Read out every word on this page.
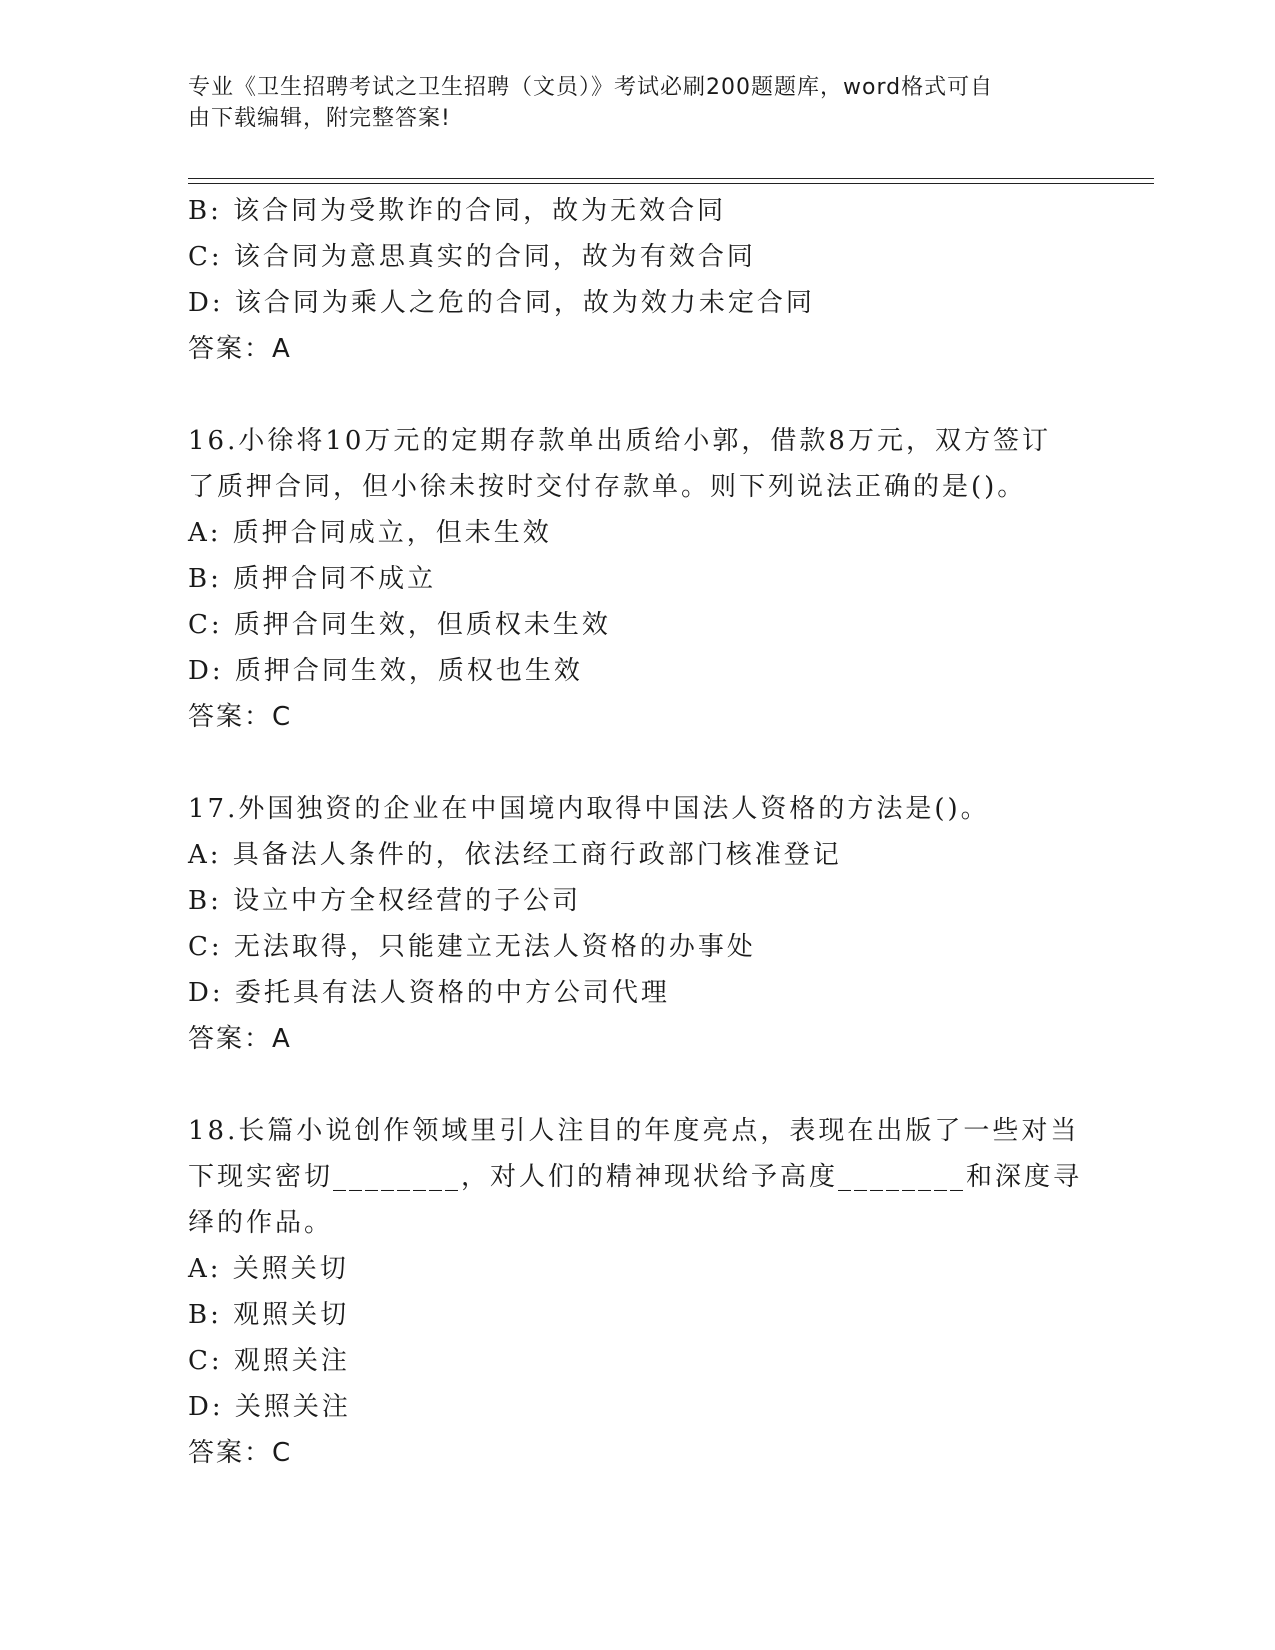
专业《卫生招聘考试之卫生招聘（文员）》考试必刷200题题库，word格式可自
由下载编辑，附完整答案!
B: 该合同为受欺诈的合同，故为无效合同
C: 该合同为意思真实的合同，故为有效合同
D: 该合同为乘人之危的合同，故为效力未定合同
答案：A
16.小徐将10万元的定期存款单出质给小郭，借款8万元，双方签订
了质押合同，但小徐未按时交付存款单。则下列说法正确的是()。
A: 质押合同成立，但未生效
B: 质押合同不成立
C: 质押合同生效，但质权未生效
D: 质押合同生效，质权也生效
答案：C
17.外国独资的企业在中国境内取得中国法人资格的方法是()。
A: 具备法人条件的，依法经工商行政部门核准登记
B: 设立中方全权经营的子公司
C: 无法取得，只能建立无法人资格的办事处
D: 委托具有法人资格的中方公司代理
答案：A
18.长篇小说创作领域里引人注目的年度亮点，表现在出版了一些对当
下现实密切________，对人们的精神现状给予高度________和深度寻
绎的作品。
A: 关照关切
B: 观照关切
C: 观照关注
D: 关照关注
答案：C
